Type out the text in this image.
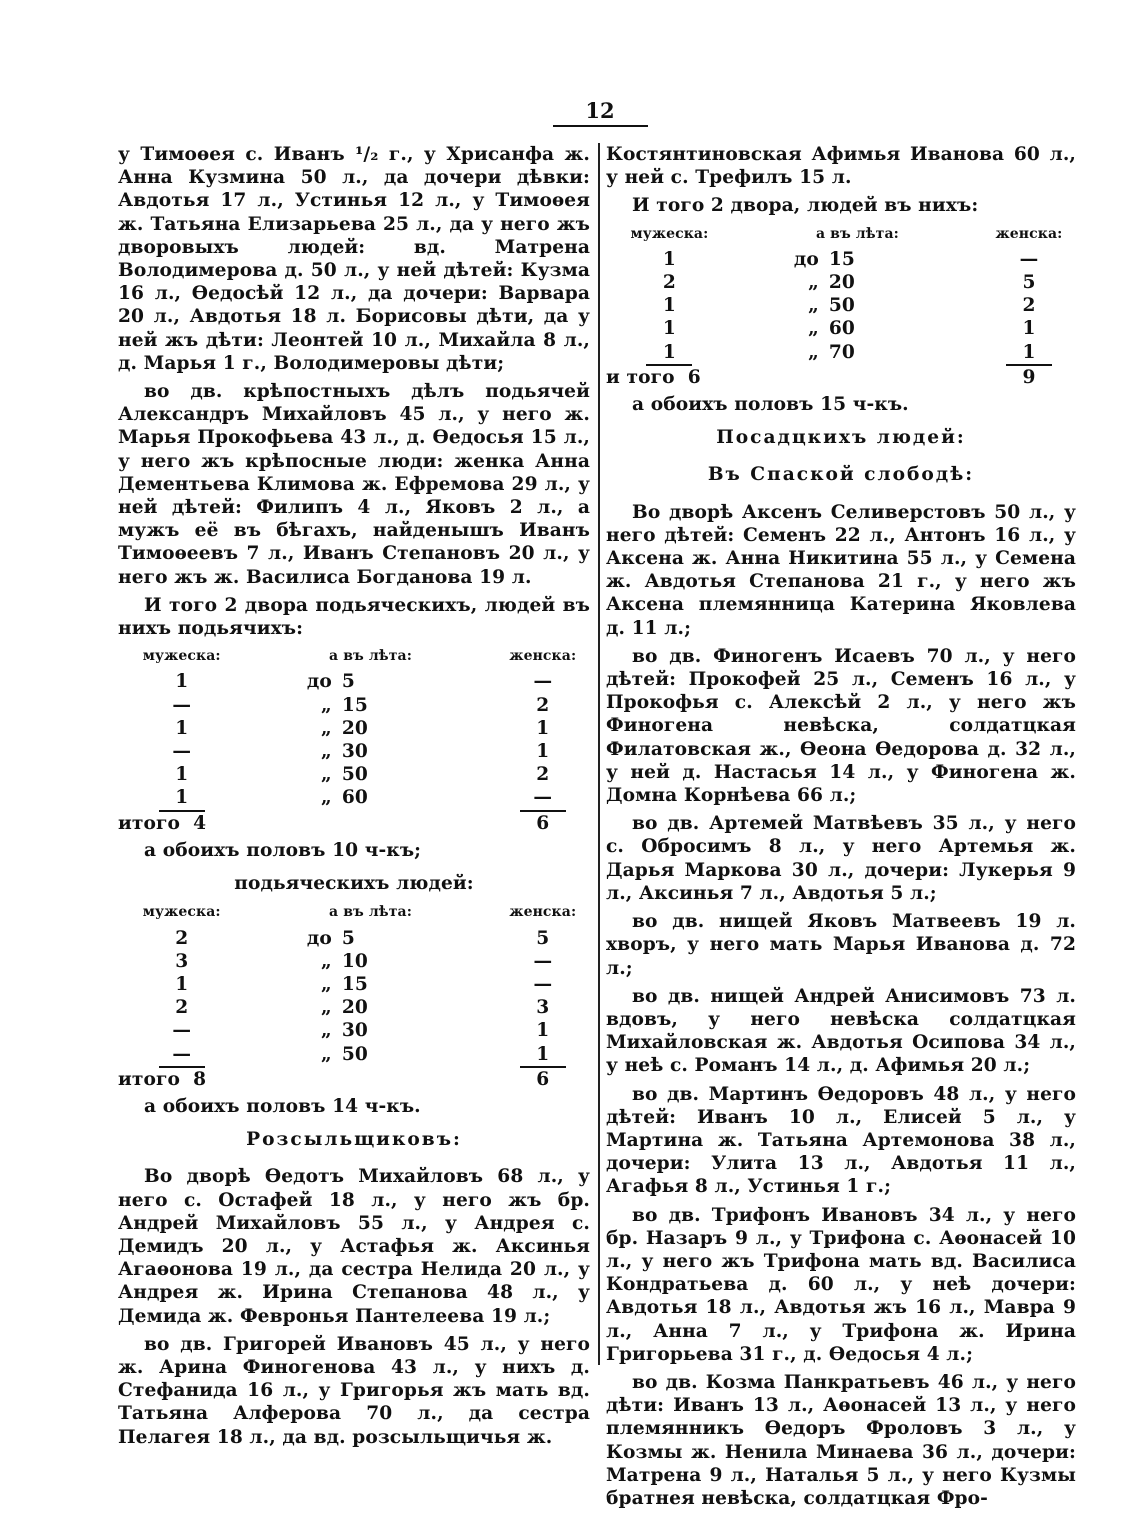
12

у Тимоѳея с. Иванъ ¹/₂ г., у Хрисанфа ж. Анна Кузмина 50 л., да дочери дѣвки: Авдотья 17 л., Устинья 12 л., у Тимоѳея ж. Татьяна Елизарьева 25 л., да у него жъ дворовыхъ людей: вд. Матрена Володимерова д. 50 л., у ней дѣтей: Кузма 16 л., Ѳедосѣй 12 л., да дочери: Варвара 20 л., Авдотья 18 л. Борисовы дѣти, да у ней жъ дѣти: Леонтей 10 л., Михайла 8 л., д. Марья 1 г., Володимеровы дѣти;

во дв. крѣпостныхъ дѣлъ подьячей Александръ Михайловъ 45 л., у него ж. Марья Прокофьева 43 л., д. Ѳедосья 15 л., у него жъ крѣпосные люди: женка Анна Дементьева Климова ж. Ефремова 29 л., у ней дѣтей: Филипъ 4 л., Яковъ 2 л., а мужъ eё въ бѣгахъ, найденышъ Иванъ Тимоѳеевъ 7 л., Иванъ Степановъ 20 л., у него жъ ж. Василиса Богданова 19 л.

И того 2 двора подьяческихъ, людей въ нихъ подьячихъ:

мужеска:	а въ лѣта:		женска:
1	до	5	—
—	„	15	2
1	„	20	1
—	„	30	1
1	„	50	2
1	„	60	—
итого 4			6

а обоихъ половъ 10 ч-къ;

подьяческихъ людей:
мужеска:	а въ лѣта:		женска:
2	до	5	5
3	„	10	—
1	„	15	—
2	„	20	3
—	„	30	1
—	„	50	1
итого 8			6

а обоихъ половъ 14 ч-къ.

Розсыльщиковъ:

Во дворѣ Ѳедотъ Михайловъ 68 л., у него с. Остафей 18 л., у него жъ бр. Андрей Михайловъ 55 л., у Андрея с. Демидъ 20 л., у Астафья ж. Аксинья Агаѳонова 19 л., да сестра Нелида 20 л., у Андрея ж. Ирина Степанова 48 л., у Демида ж. Февронья Пантелеева 19 л.;

во дв. Григорей Ивановъ 45 л., у него ж. Арина Финогенова 43 л., у нихъ д. Стефанида 16 л., у Григорья жъ мать вд. Татьяна Алферова 70 л., да сестра Пелагея 18 л., да вд. розсыльщичья ж.

Костянтиновская Афимья Иванова 60 л., у ней с. Трефилъ 15 л.

И того 2 двора, людей въ нихъ:

мужеска:	а въ лѣта:		женска:
1	до	15	—
2	„	20	5
1	„	50	2
1	„	60	1
1	„	70	1
и того 6			9

а обоихъ половъ 15 ч-къ.

Посадцкихъ людей:
Въ Спаской слободѣ:

Во дворѣ Аксенъ Селиверстовъ 50 л., у него дѣтей: Семенъ 22 л., Антонъ 16 л., у Аксена ж. Анна Никитина 55 л., у Семена ж. Авдотья Степанова 21 г., у него жъ Аксена племянница Катерина Яковлева д. 11 л.;

во дв. Финогенъ Исаевъ 70 л., у него дѣтей: Прокофей 25 л., Семенъ 16 л., у Прокофья с. Алексѣй 2 л., у него жъ Финогена невѣска, солдатцкая Филатовская ж., Ѳеона Ѳедорова д. 32 л., у ней д. Настасья 14 л., у Финогена ж. Домна Корнѣева 66 л.;

во дв. Артемей Матвѣевъ 35 л., у него с. Обросимъ 8 л., у него Артемья ж. Дарья Маркова 30 л., дочери: Лукерья 9 л., Аксинья 7 л., Авдотья 5 л.;

во дв. нищей Яковъ Матвеевъ 19 л. хворъ, у него мать Марья Иванова д. 72 л.;

во дв. нищей Андрей Анисимовъ 73 л. вдовъ, у него невѣска солдатцкая Михайловская ж. Авдотья Осипова 34 л., у неѣ с. Романъ 14 л., д. Афимья 20 л.;

во дв. Мартинъ Ѳедоровъ 48 л., у него дѣтей: Иванъ 10 л., Елисей 5 л., у Мартина ж. Татьяна Артемонова 38 л., дочери: Улита 13 л., Авдотья 11 л., Агафья 8 л., Устинья 1 г.;

во дв. Трифонъ Ивановъ 34 л., у него бр. Назаръ 9 л., у Трифона с. Аѳонасей 10 л., у него жъ Трифона мать вд. Василиса Кондратьева д. 60 л., у неѣ дочери: Авдотья 18 л., Авдотья жъ 16 л., Мавра 9 л., Анна 7 л., у Трифона ж. Ирина Григорьева 31 г., д. Ѳедосья 4 л.;

во дв. Козма Панкратьевъ 46 л., у него дѣти: Иванъ 13 л., Аѳонасей 13 л., у него племянникъ Ѳедоръ Фроловъ 3 л., у Козмы ж. Ненила Минаева 36 л., дочери: Матрена 9 л., Наталья 5 л., у него Кузмы братнея невѣска, солдатцкая Фро-
